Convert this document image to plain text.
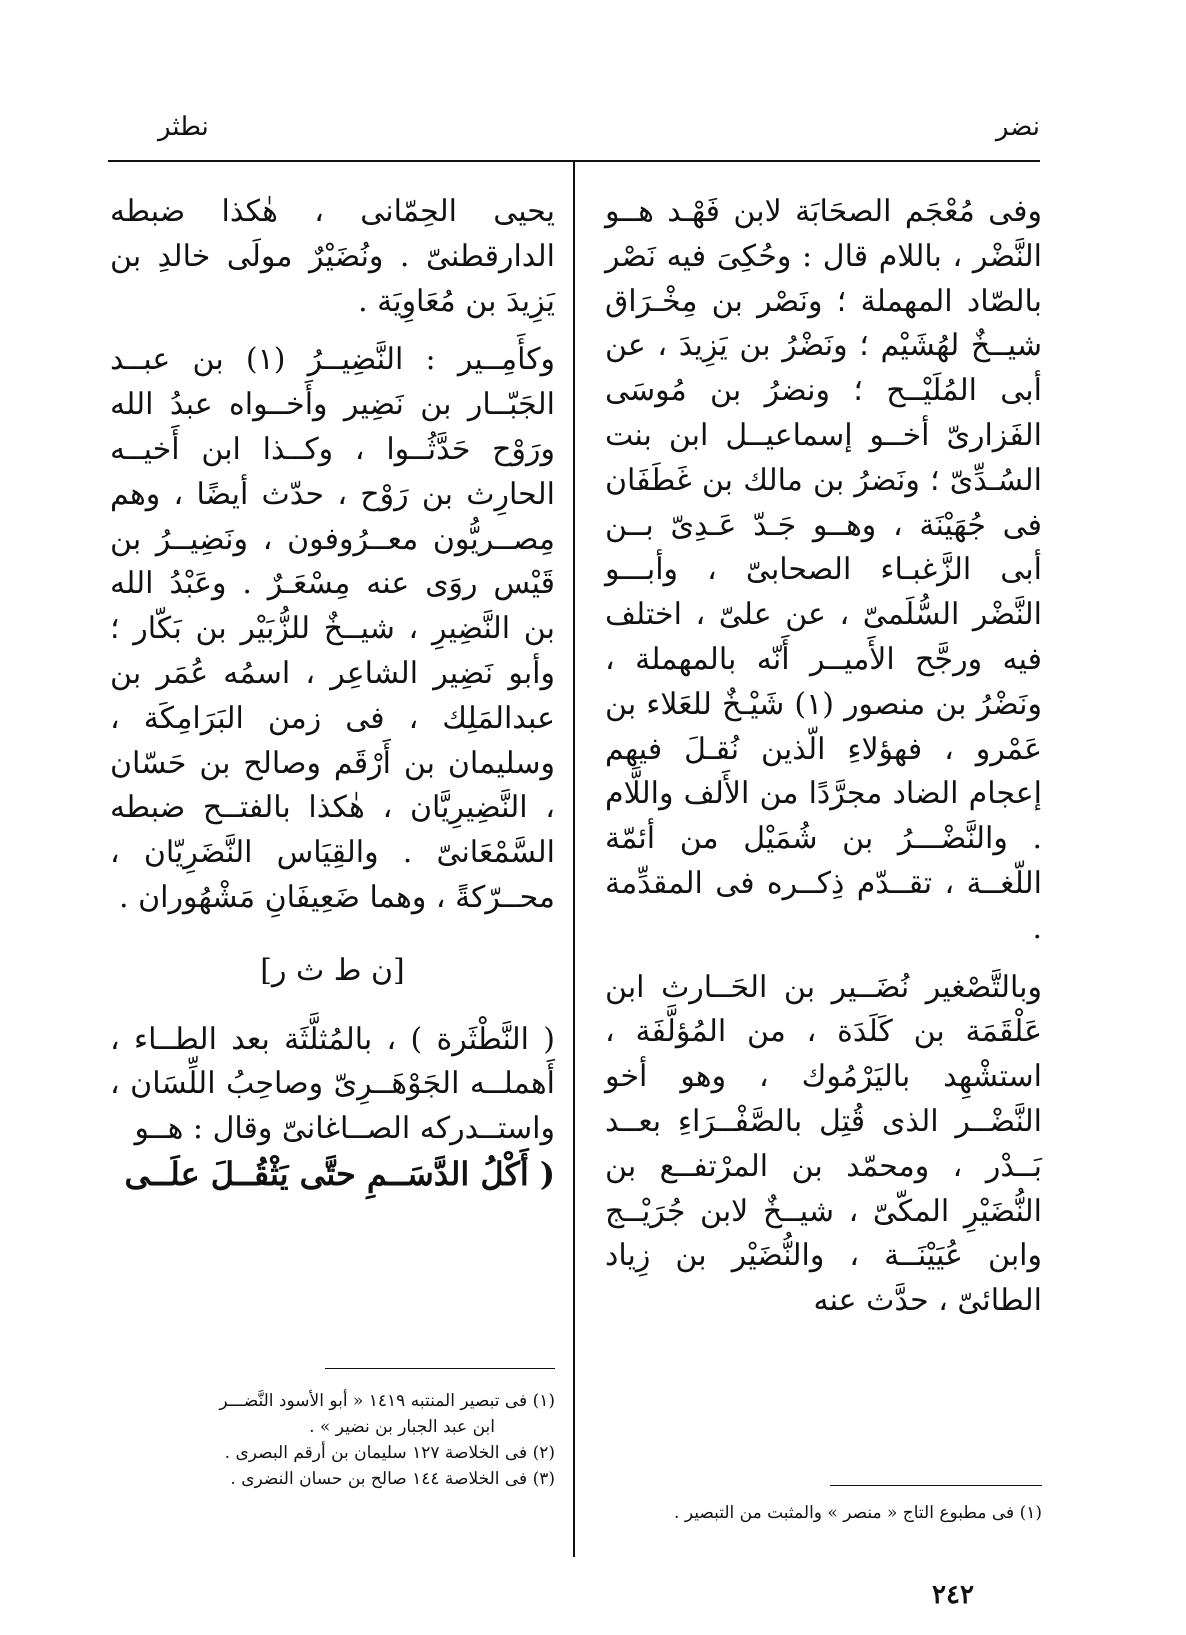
نضر
نطثر

وفى مُعْجَم الصحَابَة لابن فَهْـد هــو النَّضْر ، باللام قال : وحُكِىَ فيه نَصْر بالصّاد المهملة ؛ ونَصْر بن مِخْـرَاق شيــخٌ لهُشَيْم ؛ ونَضْرُ بن يَزِيدَ ، عن أبى المُلَيْــح ؛ ونضرُ بن مُوسَى الفَزارىّ أخــو إسماعيــل ابن بنت السُـدِّىّ ؛ ونَضرُ بن مالك بن غَطَفَان فى جُهَيْنَة ، وهــو جَـدّ عَـدِىّ بــن أبى الزَّغبـاء الصحابىّ ، وأبـــو النَّضْر السُّلَمىّ ، عن علىّ ، اختلف فيه ورجَّح الأَميــر أَنّه بالمهملة ، ونَضْرُ بن منصور (١) شَيْـخٌ للعَلاء بن عَمْرو ، فهؤلاءِ الّذين نُقـلَ فيهم إعجام الضاد مجرَّدًا من الأَلف واللَّام . والنَّضْـــرُ بن شُمَيْل من أئمّة اللّغــة ، تقــدّم ذِكــره فى المقدِّمة .

وبالتَّصْغير نُضَــير بن الحَــارث ابن عَلْقَمَة بن كَلَدَة ، من المُؤلَّفَة ، استشْهِد باليَرْمُوك ، وهو أخو النَّضْــر الذى قُتِل بالصَّفْــرَاءِ بعــد بَــدْر ، ومحمّد بن المرْتفــع بن النُّضَيْرِ المكّىّ ، شيــخٌ لابن جُرَيْــج وابن عُيَيْنَــة ، والنُّضَيْر بن زِياد الطائىّ ، حدَّث عنه

يحيى الحِمّانى ، هٰكذا ضبطه الدارقطنىّ . ونُضَيْرٌ مولَى خالدِ بن يَزِيدَ بن مُعَاوِيَة .

وكأَمِــير : النَّضِيــرُ (١) بن عبــد الجَبّــار بن نَضِير وأَخــواه عبدُ الله ورَوْح حَدَّثُــوا ، وكــذا ابن أَخيــه الحارِث بن رَوْح ، حدّث أيضًا ، وهم مِصــريُّون معــرُوفون ، ونَضِيــرُ بن قَيْس روَى عنه مِسْعَـرٌ . وعَبْدُ الله بن النَّضِيرِ ، شيــخٌ للزُّبَيْر بن بَكّار ؛ وأبو نَضِير الشاعِر ، اسمُه عُمَر بن عبدالمَلِك ، فى زمن البَرَامِكَة ، وسليمان بن أَرْقَم وصالح بن حَسّان ، النَّضِيرِيَّان ، هٰكذا بالفتــح ضبطه السَّمْعَانىّ . والقِيَاس النَّضَرِيّان ، محــرّكةً ، وهما ضَعِيفَانِ مَشْهُوران .

[ن ط ث ر]

( النَّطْثَرة ) ، بالمُثلَّثَة بعد الطــاء ، أَهملــه الجَوْهَــرِىّ وصاحِبُ اللِّسَان ، واستــدركه الصــاغانىّ وقال : هــو

( أَكْلُ الدَّسَــمِ حتَّى يَثْقُــلَ علَــى

(١) فى تبصير المنتبه ١٤١٩ « أبو الأسود النَّضـــر
ابن عبد الجبار بن نضير » .
(٢) فى الخلاصة ١٢٧ سليمان بن أرقم البصرى .
(٣) فى الخلاصة ١٤٤ صالح بن حسان النضرى .
(١) فى مطبوع التاج « منصر » والمثبت من التبصير .
٢٤٢
